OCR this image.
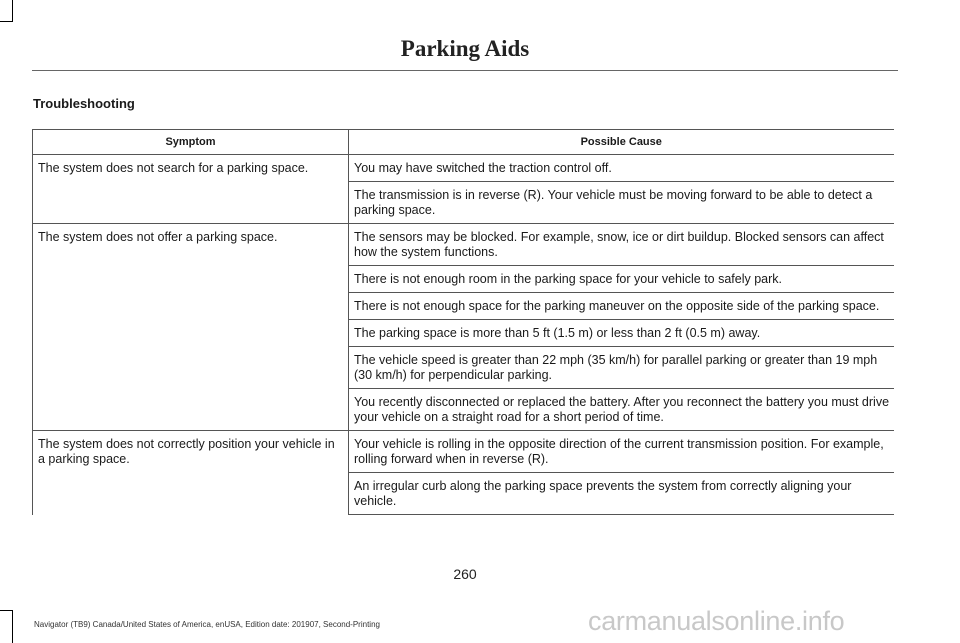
Parking Aids
Troubleshooting
Symptom	Possible Cause
The system does not search for a parking space.	You may have switched the traction control off.
	The transmission is in reverse (R). Your vehicle must be moving forward to be able to detect a parking space.
The system does not offer a parking space.	The sensors may be blocked. For example, snow, ice or dirt buildup. Blocked sensors can affect how the system functions.
	There is not enough room in the parking space for your vehicle to safely park.
	There is not enough space for the parking maneuver on the opposite side of the parking space.
	The parking space is more than 5 ft (1.5 m) or less than 2 ft (0.5 m) away.
	The vehicle speed is greater than 22 mph (35 km/h) for parallel parking or greater than 19 mph (30 km/h) for perpendicular parking.
	You recently disconnected or replaced the battery. After you reconnect the battery you must drive your vehicle on a straight road for a short period of time.
The system does not correctly position your vehicle in a parking space.	Your vehicle is rolling in the opposite direction of the current transmission position. For example, rolling forward when in reverse (R).
	An irregular curb along the parking space prevents the system from correctly aligning your vehicle.
260
Navigator (TB9) Canada/United States of America, enUSA, Edition date: 201907, Second-Printing	carmanualsonline.info
